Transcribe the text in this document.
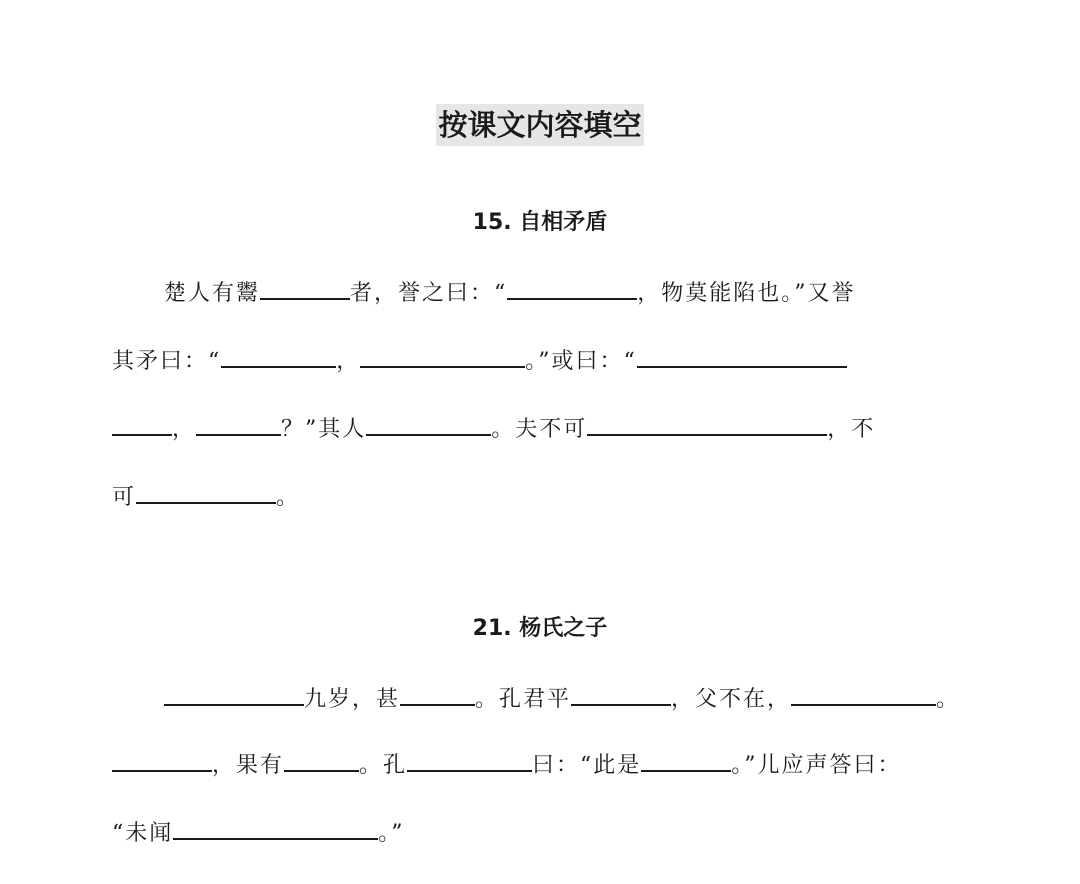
按课文内容填空
15. 自相矛盾
楚人有鬻	者，誉之曰：“	，物莫能陷也。”又誉
其矛曰：“	，	。”或曰：“
，	？”其人	。夫不可	，不
可	。
21. 杨氏之子
九岁，甚	。孔君平	，父不在，	。
，果有	。孔	曰：“此是	。”儿应声答曰：
“未闻	。”
